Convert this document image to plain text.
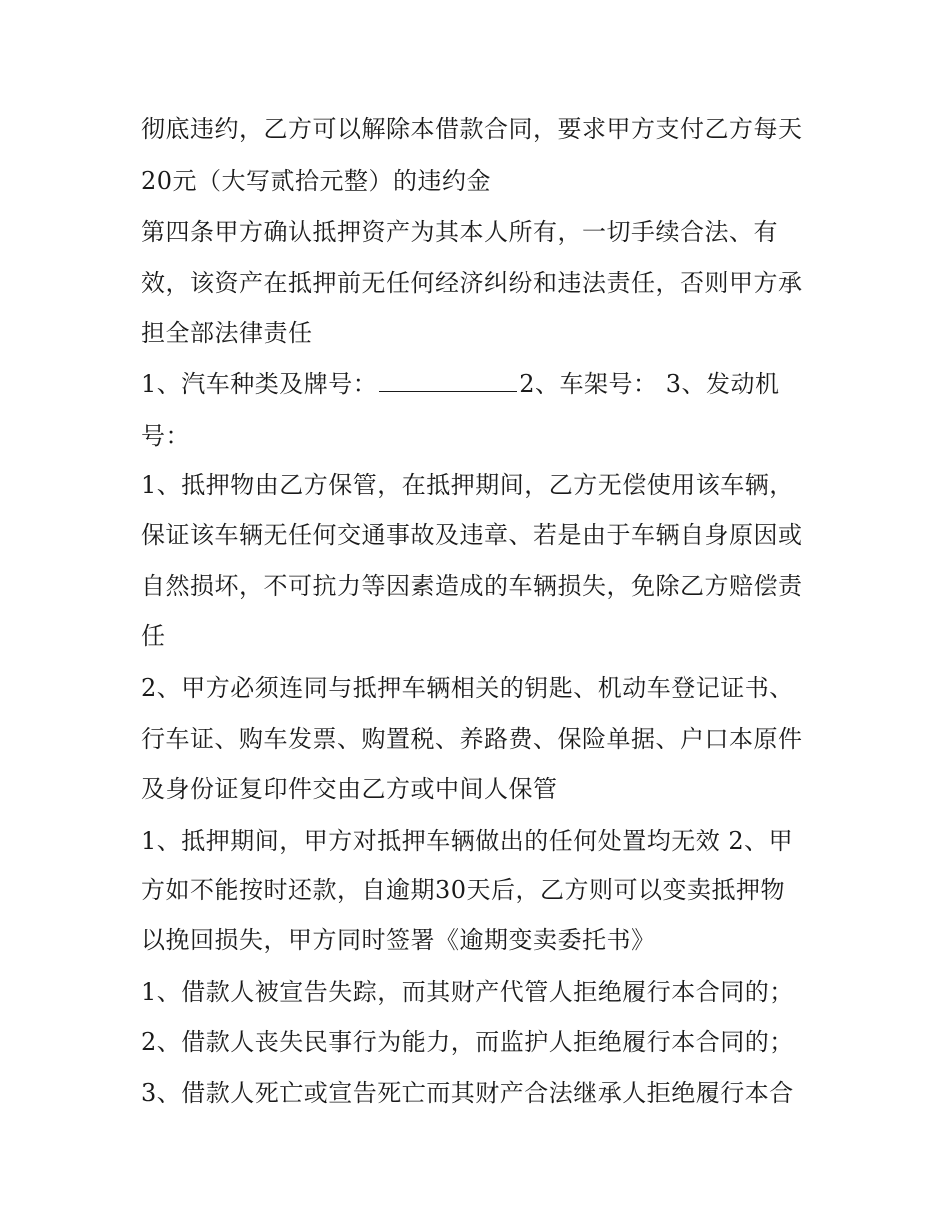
彻底违约，乙方可以解除本借款合同，要求甲方支付乙方每天
20元（大写贰拾元整）的违约金
第四条甲方确认抵押资产为其本人所有，一切手续合法、有
效，该资产在抵押前无任何经济纠纷和违法责任，否则甲方承
担全部法律责任
1、汽车种类及牌号：	2、车架号： 3、发动机
号：
1、抵押物由乙方保管，在抵押期间，乙方无偿使用该车辆，
保证该车辆无任何交通事故及违章、若是由于车辆自身原因或
自然损坏，不可抗力等因素造成的车辆损失，免除乙方赔偿责
任
2、甲方必须连同与抵押车辆相关的钥匙、机动车登记证书、
行车证、购车发票、购置税、养路费、保险单据、户口本原件
及身份证复印件交由乙方或中间人保管
1、抵押期间，甲方对抵押车辆做出的任何处置均无效 2、甲
方如不能按时还款，自逾期30天后，乙方则可以变卖抵押物
以挽回损失，甲方同时签署《逾期变卖委托书》
1、借款人被宣告失踪，而其财产代管人拒绝履行本合同的；
2、借款人丧失民事行为能力，而监护人拒绝履行本合同的；
3、借款人死亡或宣告死亡而其财产合法继承人拒绝履行本合
